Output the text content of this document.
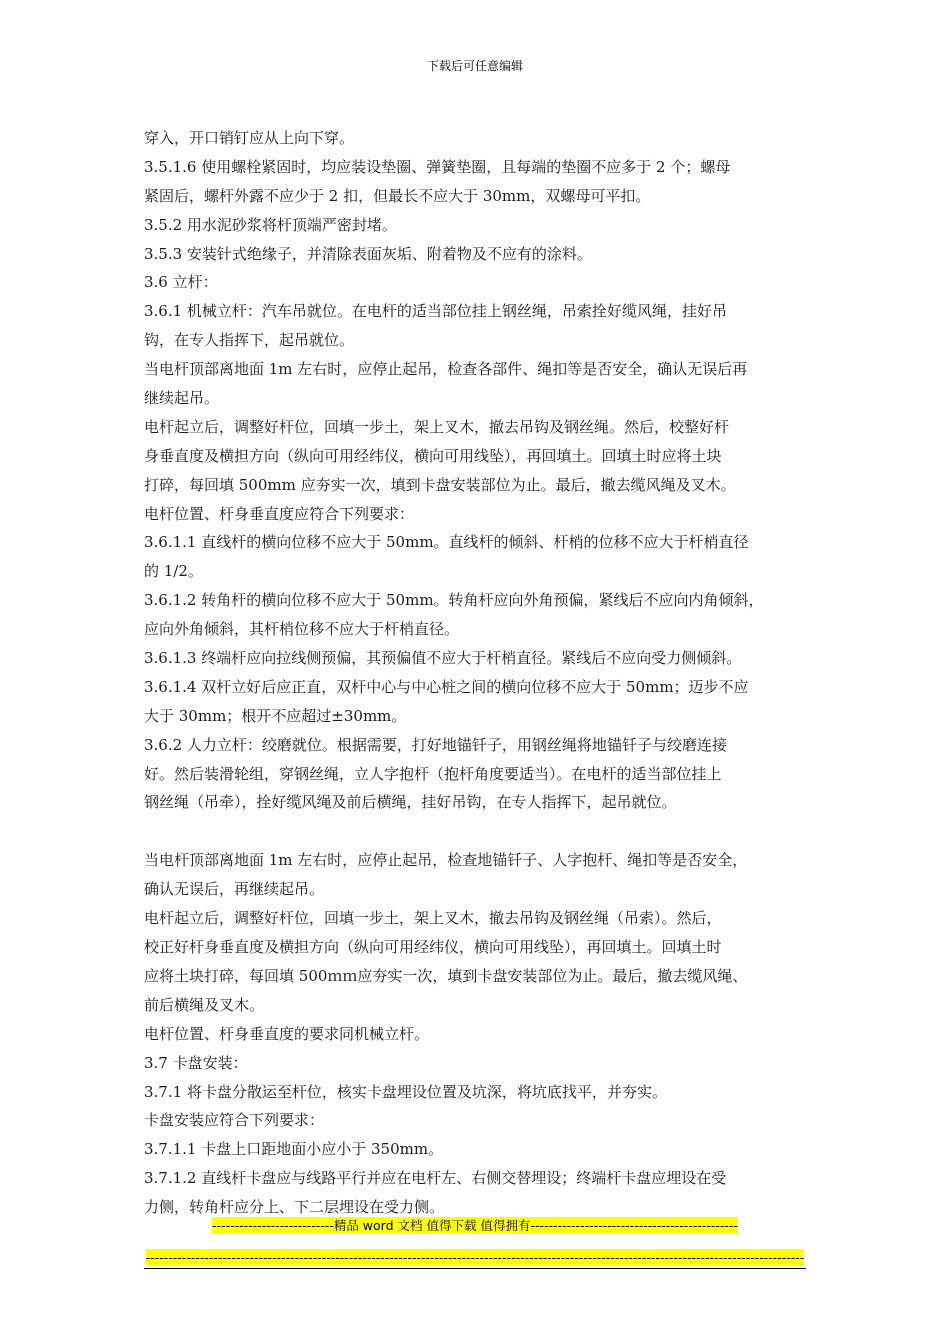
下载后可任意编辑
穿入，开口销钉应从上向下穿。
3.5.1.6 使用螺栓紧固时，均应装设垫圈、弹簧垫圈，且每端的垫圈不应多于 2 个；螺母
紧固后，螺杆外露不应少于 2 扣，但最长不应大于 30mm，双螺母可平扣。
3.5.2 用水泥砂浆将杆顶端严密封堵。
3.5.3 安装针式绝缘子，并清除表面灰垢、附着物及不应有的涂料。
3.6 立杆：
3.6.1 机械立杆：汽车吊就位。在电杆的适当部位挂上钢丝绳，吊索拴好缆风绳，挂好吊
钩，在专人指挥下，起吊就位。
当电杆顶部离地面 1m 左右时，应停止起吊，检查各部件、绳扣等是否安全，确认无误后再
继续起吊。
电杆起立后，调整好杆位，回填一步土，架上叉木，撤去吊钩及钢丝绳。然后，校整好杆
身垂直度及横担方向（纵向可用经纬仪，横向可用线坠），再回填土。回填土时应将土块
打碎，每回填 500mm 应夯实一次，填到卡盘安装部位为止。最后，撤去缆风绳及叉木。
电杆位置、杆身垂直度应符合下列要求：
3.6.1.1 直线杆的横向位移不应大于 50mm。直线杆的倾斜、杆梢的位移不应大于杆梢直径
的 1/2。
3.6.1.2 转角杆的横向位移不应大于 50mm。转角杆应向外角预偏，紧线后不应向内角倾斜，
应向外角倾斜，其杆梢位移不应大于杆梢直径。
3.6.1.3 终端杆应向拉线侧预偏，其预偏值不应大于杆梢直径。紧线后不应向受力侧倾斜。
3.6.1.4 双杆立好后应正直，双杆中心与中心桩之间的横向位移不应大于 50mm；迈步不应
大于 30mm；根开不应超过±30mm。
3.6.2 人力立杆：绞磨就位。根据需要，打好地锚钎子，用钢丝绳将地锚钎子与绞磨连接
好。然后装滑轮组，穿钢丝绳，立人字抱杆（抱杆角度要适当）。在电杆的适当部位挂上
钢丝绳（吊牵），拴好缆风绳及前后横绳，挂好吊钩，在专人指挥下，起吊就位。
当电杆顶部离地面 1m 左右时，应停止起吊，检查地锚钎子、人字抱杆、绳扣等是否安全，
确认无误后，再继续起吊。
电杆起立后，调整好杆位，回填一步土，架上叉木，撤去吊钩及钢丝绳（吊索）。然后，
校正好杆身垂直度及横担方向（纵向可用经纬仪，横向可用线坠），再回填土。回填土时
应将土块打碎，每回填 500ｍｍ应夯实一次，填到卡盘安装部位为止。最后，撤去缆风绳、
前后横绳及叉木。
电杆位置、杆身垂直度的要求同机械立杆。
3.7 卡盘安装：
3.7.1 将卡盘分散运至杆位，核实卡盘埋设位置及坑深，将坑底找平，并夯实。
卡盘安装应符合下列要求：
3.7.1.1 卡盘上口距地面小应小于 350mm。
3.7.1.2 直线杆卡盘应与线路平行并应在电杆左、右侧交替埋设；终端杆卡盘应埋设在受
力侧，转角杆应分上、下二层埋设在受力侧。
---------------------------精品 word 文档 值得下载 值得拥有----------------------------------------------
--------------------------------------------------------------------------------------------------------------------------------------------------
